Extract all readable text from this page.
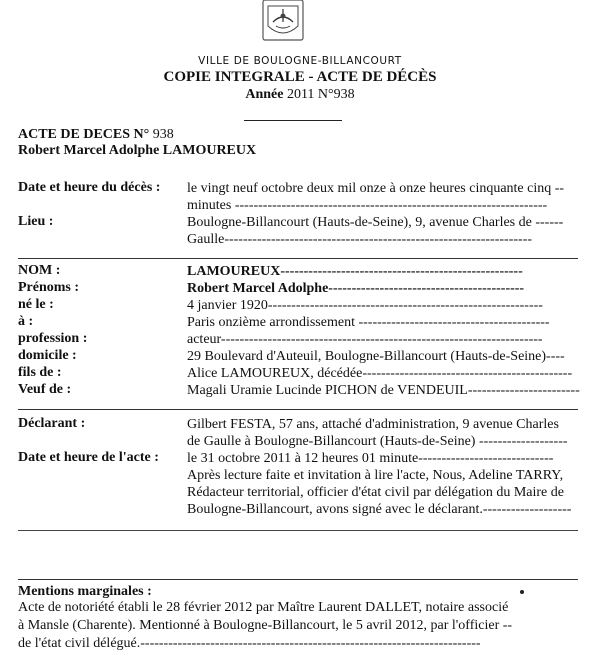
VILLE DE BOULOGNE-BILLANCOURT
COPIE INTEGRALE - ACTE DE DÉCÈS
Année 2011 N°938
ACTE DE DECES N° 938
Robert Marcel Adolphe LAMOUREUX
Date et heure du décès : le vingt neuf octobre deux mil onze à onze heures cinquante cinq --
minutes -------------------------------------------------------------------
Lieu :	Boulogne-Billancourt (Hauts-de-Seine), 9, avenue Charles de ------
Gaulle------------------------------------------------------------------
NOM :	LAMOUREUX----------------------------------------------------
Prénoms :	Robert Marcel Adolphe------------------------------------------
né le :	4 janvier 1920-----------------------------------------------------------
à :	Paris onzième arrondissement -----------------------------------------
profession :	acteur---------------------------------------------------------------------
domicile :	29 Boulevard d'Auteuil, Boulogne-Billancourt (Hauts-de-Seine)----
fils de :	Alice LAMOUREUX, décédée---------------------------------------------
Veuf de :	Magali Uramie Lucinde PICHON de VENDEUIL------------------------
Déclarant :	Gilbert FESTA, 57 ans, attaché d'administration, 9 avenue Charles
de Gaulle à Boulogne-Billancourt (Hauts-de-Seine) -------------------
Date et heure de l'acte : le 31 octobre 2011 à 12 heures 01 minute-----------------------------
Après lecture faite et invitation à lire l'acte, Nous, Adeline TARRY,
Rédacteur territorial, officier d'état civil par délégation du Maire de
Boulogne-Billancourt, avons signé avec le déclarant.-------------------
Mentions marginales :
Acte de notoriété établi le 28 février 2012 par Maître Laurent DALLET, notaire associé
à Mansle (Charente). Mentionné à Boulogne-Billancourt, le 5 avril 2012, par l'officier --
de l'état civil délégué.-------------------------------------------------------------------------
